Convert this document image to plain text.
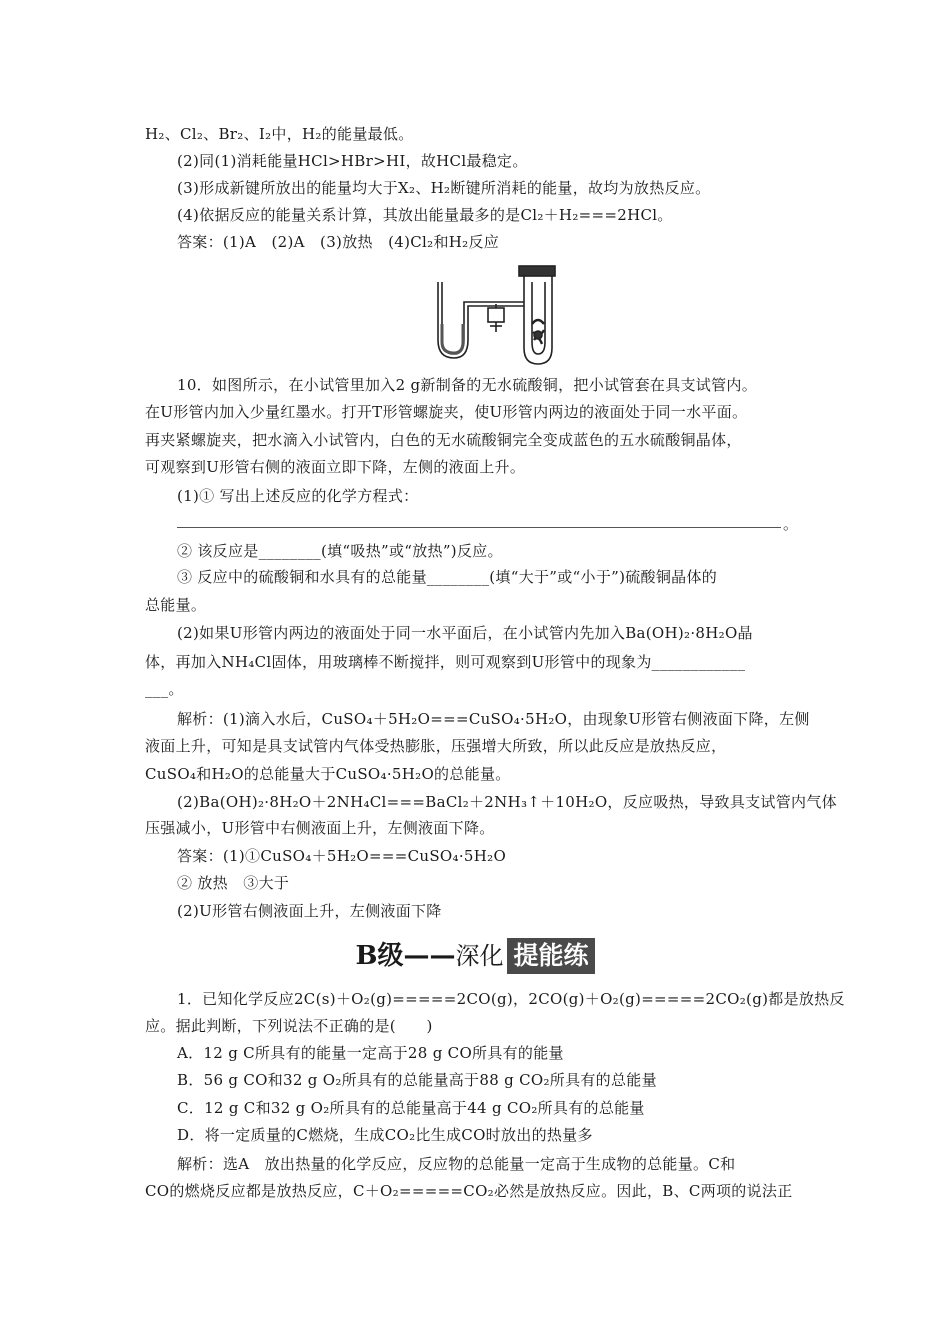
H₂、Cl₂、Br₂、I₂中，H₂的能量最低。
(2)同(1)消耗能量HCl>HBr>HI，故HCl最稳定。
(3)形成新键所放出的能量均大于X₂、H₂断键所消耗的能量，故均为放热反应。
(4)依据反应的能量关系计算，其放出能量最多的是Cl₂＋H₂===2HCl。
答案：(1)A　(2)A　(3)放热　(4)Cl₂和H₂反应
10．如图所示，在小试管里加入2 g新制备的无水硫酸铜，把小试管套在具支试管内。
在U形管内加入少量红墨水。打开T形管螺旋夹，使U形管内两边的液面处于同一水平面。
再夹紧螺旋夹，把水滴入小试管内，白色的无水硫酸铜完全变成蓝色的五水硫酸铜晶体，
可观察到U形管右侧的液面立即下降，左侧的液面上升。
(1)① 写出上述反应的化学方程式：
。
② 该反应是________(填“吸热”或“放热”)反应。
③ 反应中的硫酸铜和水具有的总能量________(填“大于”或“小于”)硫酸铜晶体的
总能量。
(2)如果U形管内两边的液面处于同一水平面后，在小试管内先加入Ba(OH)₂·8H₂O晶
体，再加入NH₄Cl固体，用玻璃棒不断搅拌，则可观察到U形管中的现象为____________
___。
解析：(1)滴入水后，CuSO₄＋5H₂O===CuSO₄·5H₂O，由现象U形管右侧液面下降，左侧
液面上升，可知是具支试管内气体受热膨胀，压强增大所致，所以此反应是放热反应，
CuSO₄和H₂O的总能量大于CuSO₄·5H₂O的总能量。
(2)Ba(OH)₂·8H₂O＋2NH₄Cl===BaCl₂＋2NH₃↑＋10H₂O，反应吸热，导致具支试管内气体
压强减小，U形管中右侧液面上升，左侧液面下降。
答案：(1)①CuSO₄＋5H₂O===CuSO₄·5H₂O
② 放热　③大于
(2)U形管右侧液面上升，左侧液面下降
B级——深化 提能练
1．已知化学反应2C(s)＋O₂(g)=====2CO(g)，2CO(g)＋O₂(g)=====2CO₂(g)都是放热反
应。据此判断，下列说法不正确的是(　　)
A．12 g C所具有的能量一定高于28 g CO所具有的能量
B．56 g CO和32 g O₂所具有的总能量高于88 g CO₂所具有的总能量
C．12 g C和32 g O₂所具有的总能量高于44 g CO₂所具有的总能量
D．将一定质量的C燃烧，生成CO₂比生成CO时放出的热量多
解析：选A　放出热量的化学反应，反应物的总能量一定高于生成物的总能量。C和
CO的燃烧反应都是放热反应，C＋O₂=====CO₂必然是放热反应。因此，B、C两项的说法正
